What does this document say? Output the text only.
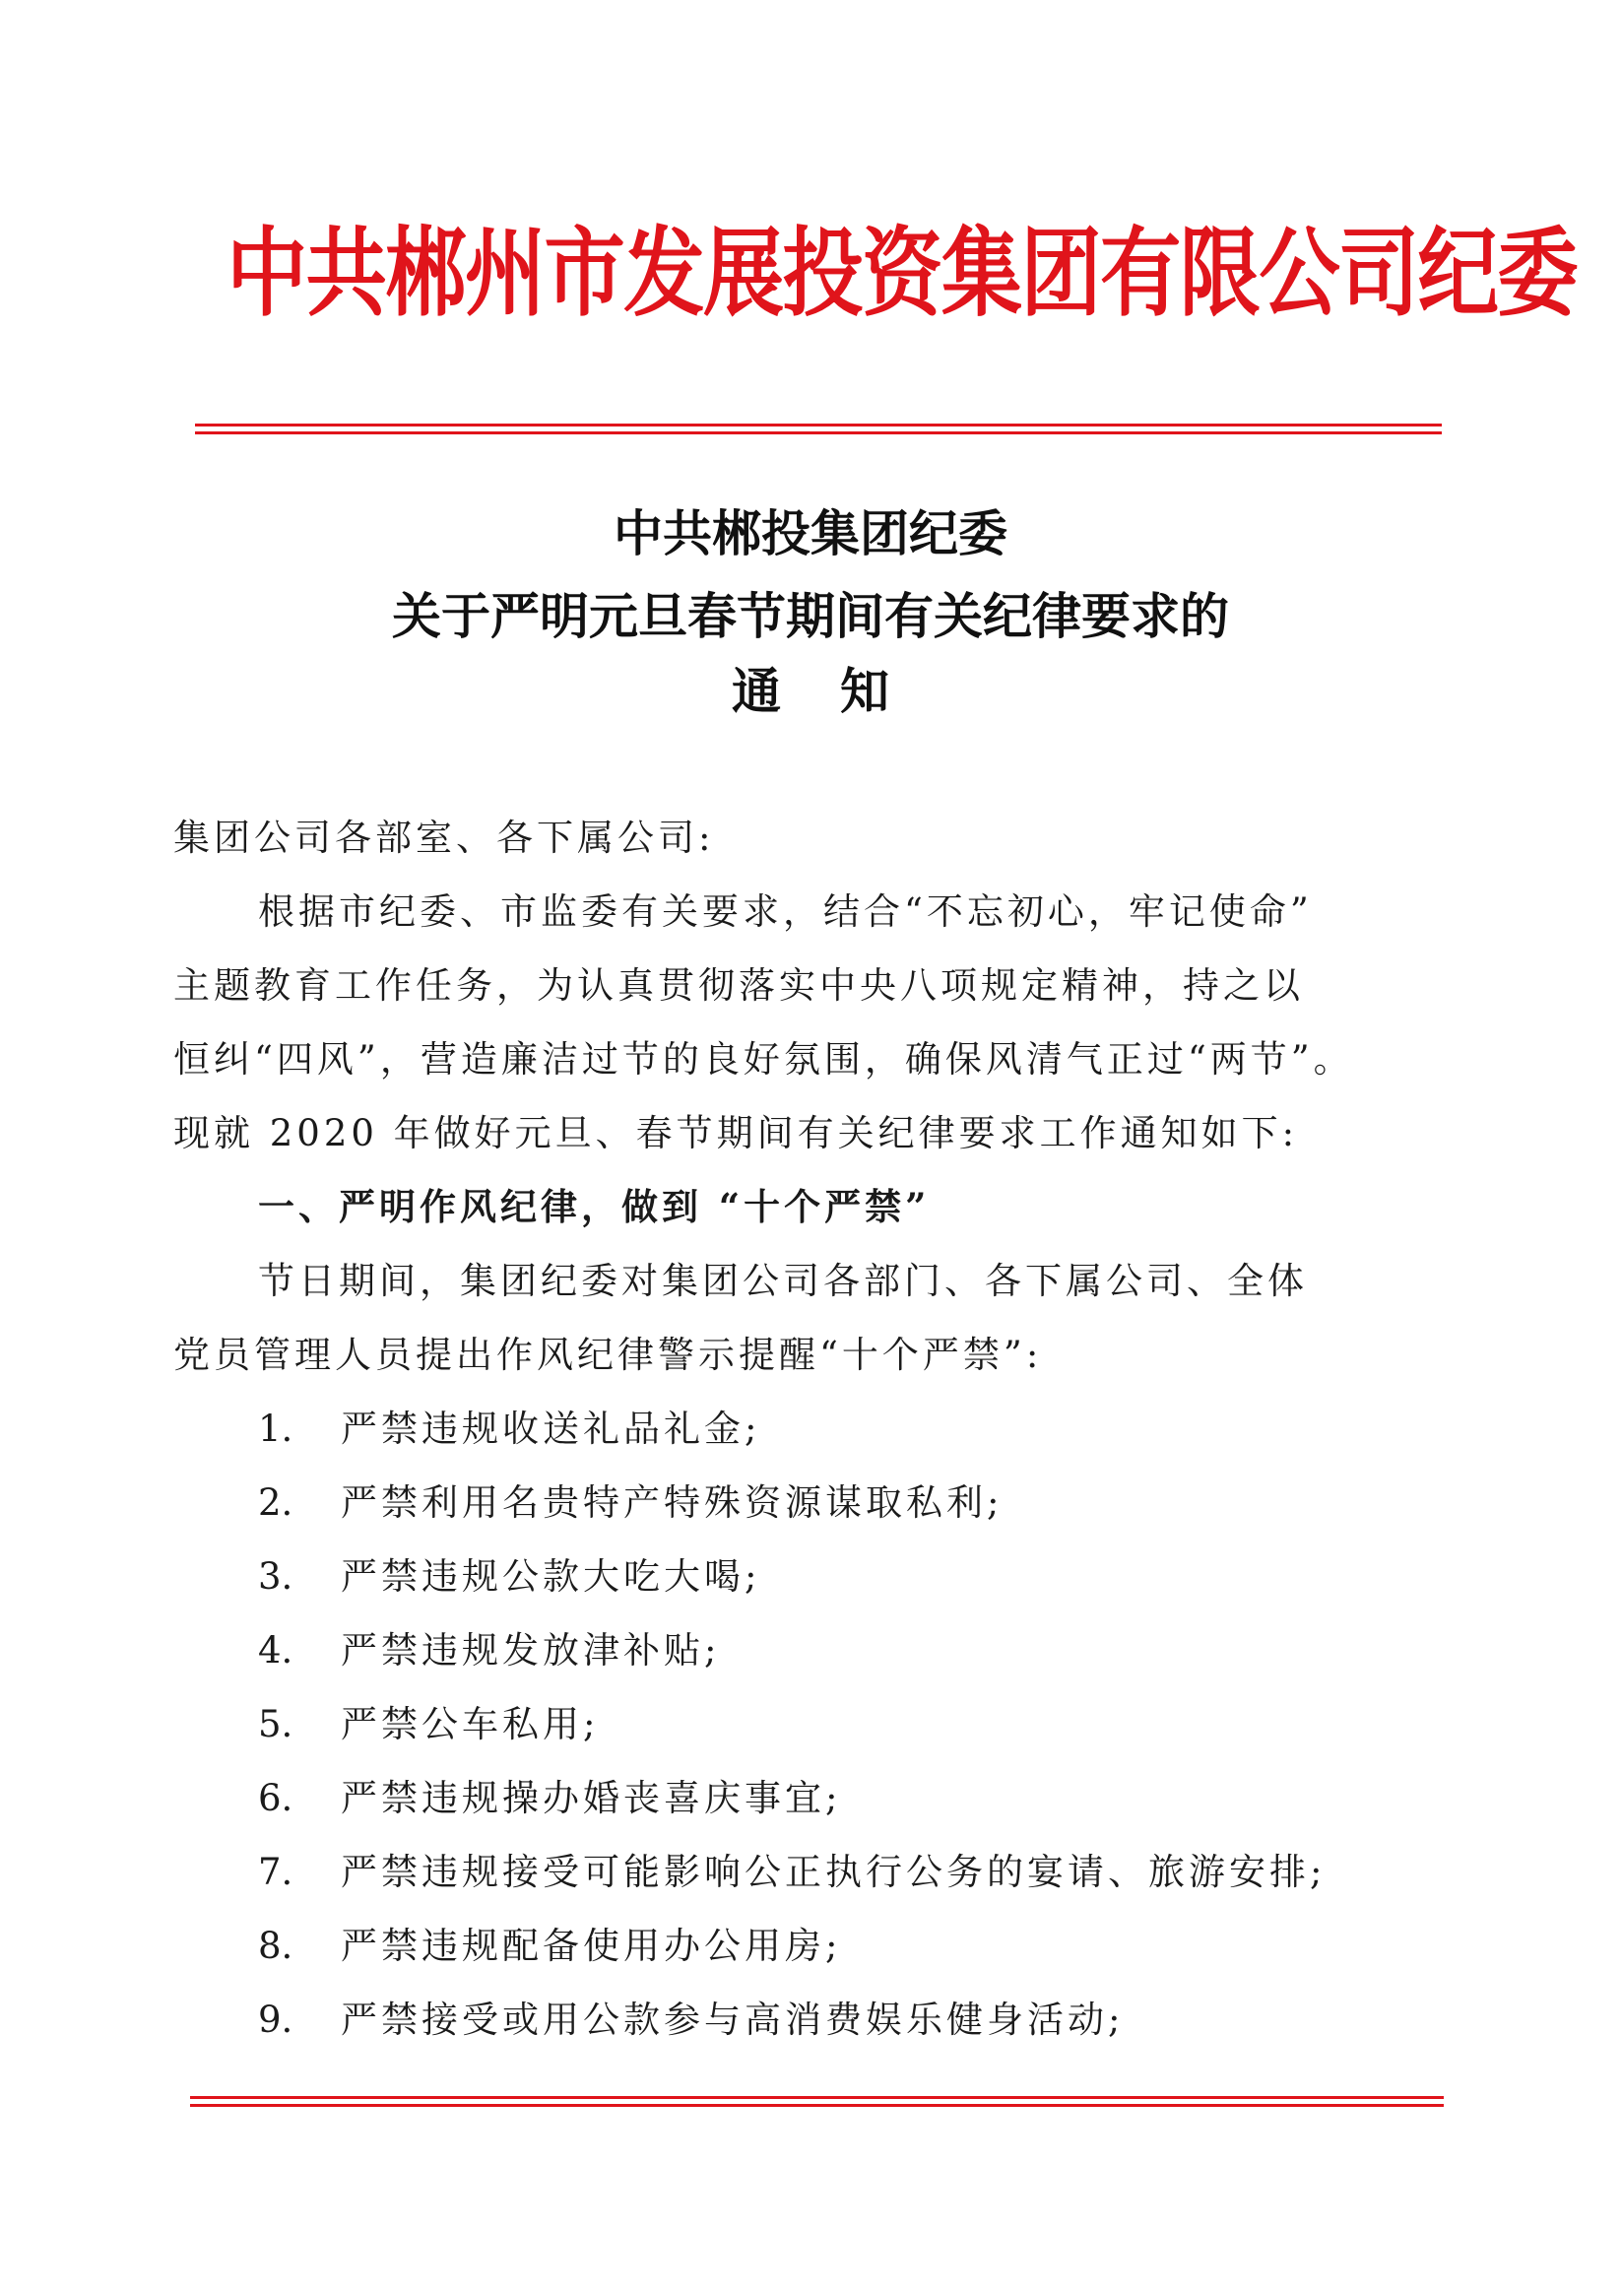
中共郴州市发展投资集团有限公司纪委
中共郴投集团纪委
关于严明元旦春节期间有关纪律要求的
通知
集团公司各部室、各下属公司:
根据市纪委、市监委有关要求，结合“不忘初心，牢记使命”
主题教育工作任务，为认真贯彻落实中央八项规定精神，持之以
恒纠“四风”，营造廉洁过节的良好氛围，确保风清气正过“两节”。
现就 2020 年做好元旦、春节期间有关纪律要求工作通知如下:
一、严明作风纪律，做到 “十个严禁”
节日期间，集团纪委对集团公司各部门、各下属公司、全体
党员管理人员提出作风纪律警示提醒“十个严禁”:
1. 严禁违规收送礼品礼金;
2. 严禁利用名贵特产特殊资源谋取私利;
3. 严禁违规公款大吃大喝;
4. 严禁违规发放津补贴;
5. 严禁公车私用;
6. 严禁违规操办婚丧喜庆事宜;
7. 严禁违规接受可能影响公正执行公务的宴请、旅游安排;
8. 严禁违规配备使用办公用房;
9. 严禁接受或用公款参与高消费娱乐健身活动;
